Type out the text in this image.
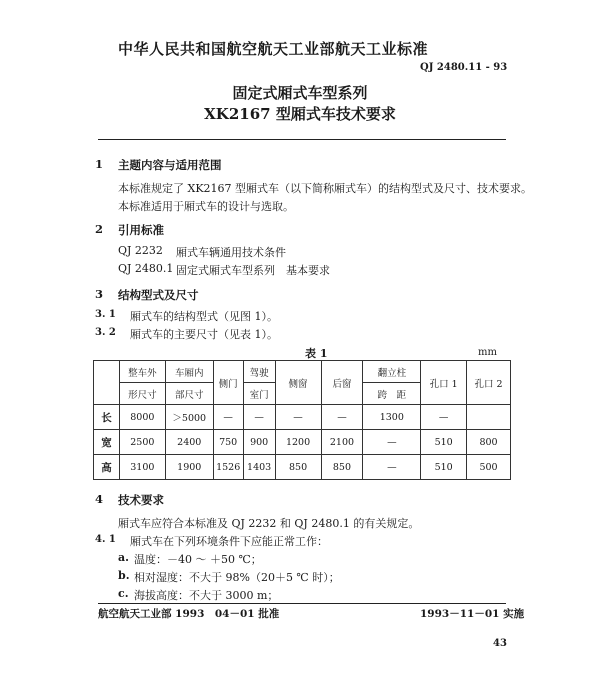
中华人民共和国航空航天工业部航天工业标准
QJ 2480.11 - 93
固定式厢式车型系列
XK2167 型厢式车技术要求
1 主题内容与适用范围
本标准规定了 XK2167 型厢式车（以下简称厢式车）的结构型式及尺寸、技术要求。
本标准适用于厢式车的设计与选取。
2 引用标准
QJ 2232 厢式车辆通用技术条件
QJ 2480.1 固定式厢式车型系列　基本要求
3 结构型式及尺寸
3. 1 厢式车的结构型式（见图 1）。
3. 2 厢式车的主要尺寸（见表 1）。
表 1	mm
	整车外	车厢内	侧门	驾驶	侧窗	后窗	翻立柱	孔口 1	孔口 2
	形尺寸	部尺寸		室门			跨　距		
长	8000	＞5000	—	—	—	—	1300	—	
宽	2500	2400	750	900	1200	2100	—	510	800
高	3100	1900	1526	1403	850	850	—	510	500
4 技术要求
厢式车应符合本标准及 QJ 2232 和 QJ 2480.1 的有关规定。
4. 1 厢式车在下列环境条件下应能正常工作：
a. 温度：－40 ～ ＋50 ℃；
b. 相对湿度：不大于 98%（20＋5 ℃ 时）；
c. 海拔高度：不大于 3000 m；
航空航天工业部 1993　04－01 批准	1993－11－01 实施
43
